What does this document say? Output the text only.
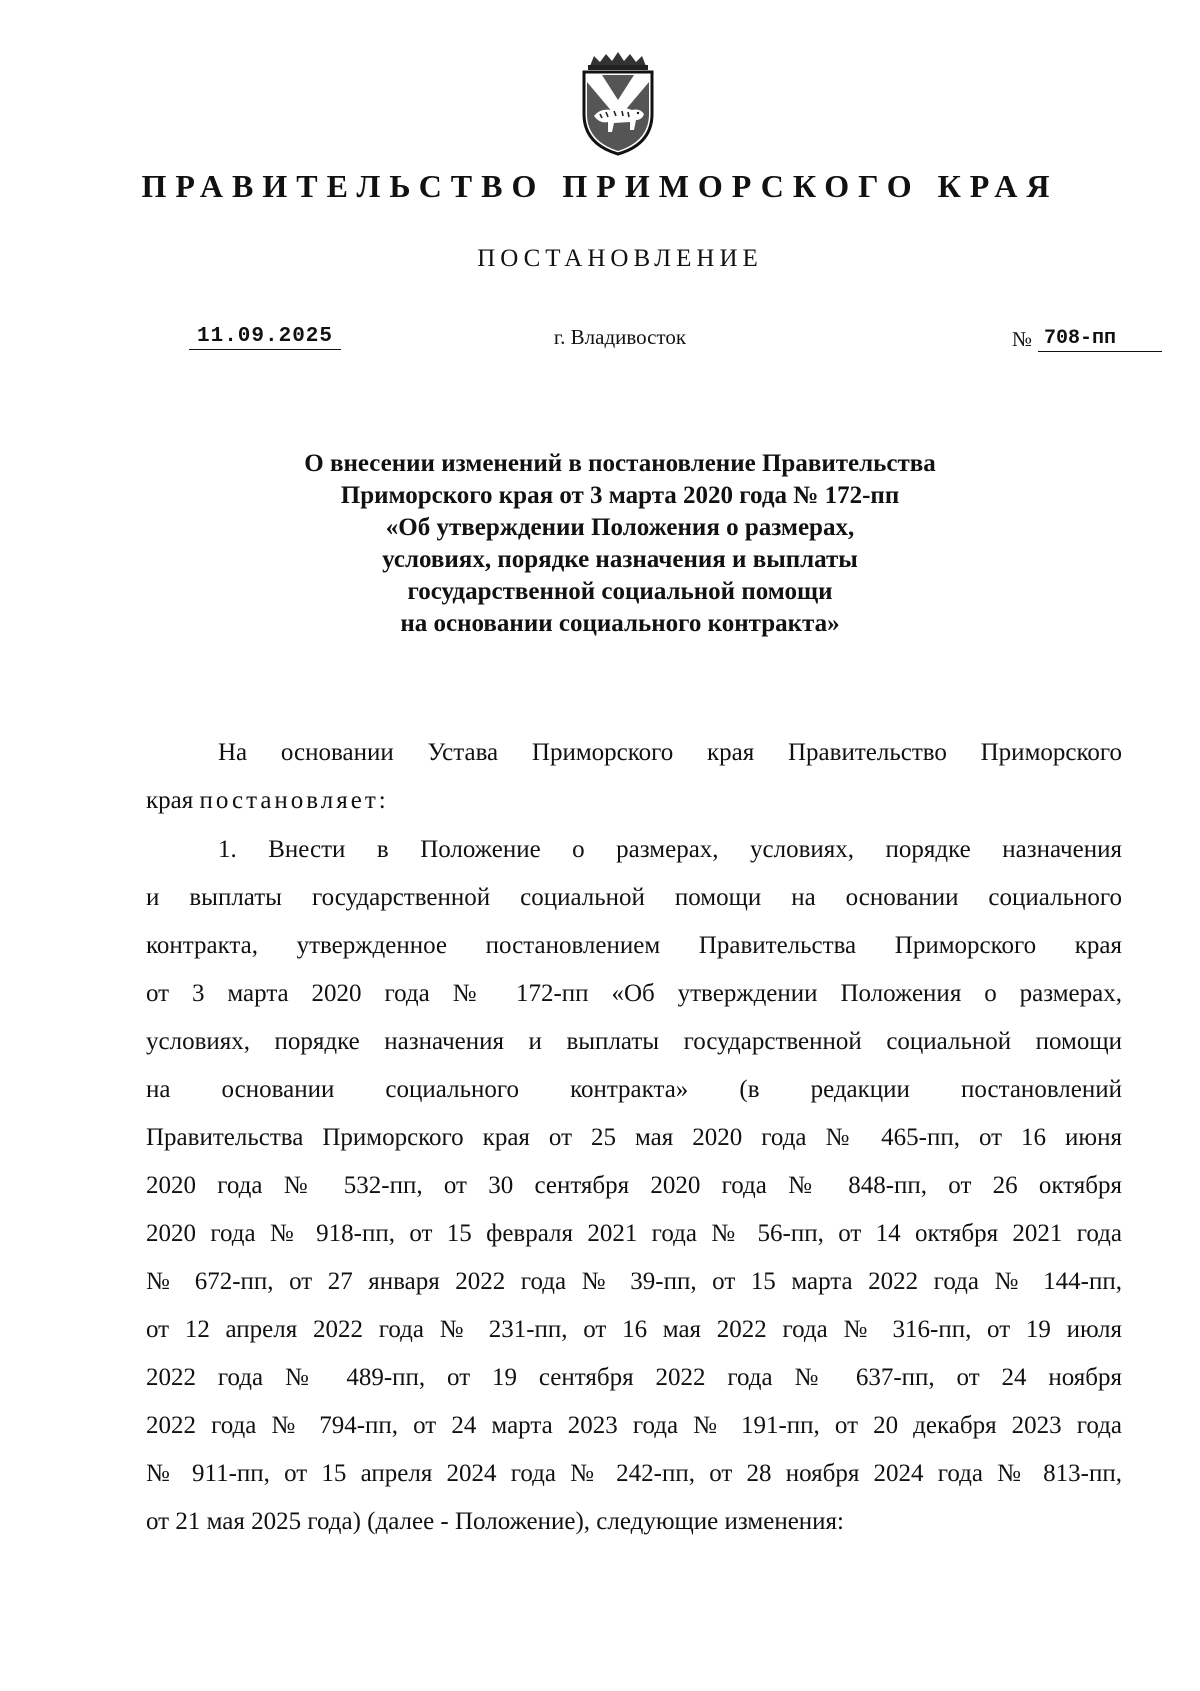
ПРАВИТЕЛЬСТВО ПРИМОРСКОГО КРАЯ
ПОСТАНОВЛЕНИЕ
11.09.2025	г. Владивосток	№ 708-пп
О внесении изменений в постановление Правительства
Приморского края от 3 марта 2020 года № 172-пп
«Об утверждении Положения о размерах,
условиях, порядке назначения и выплаты
государственной социальной помощи
на основании социального контракта»
На основании Устава Приморского края Правительство Приморского
края постановляет:
1. Внести в Положение о размерах, условиях, порядке назначения
и выплаты государственной социальной помощи на основании социального
контракта, утвержденное постановлением Правительства Приморского края
от 3 марта 2020 года № 172-пп «Об утверждении Положения о размерах,
условиях, порядке назначения и выплаты государственной социальной помощи
на основании социального контракта» (в редакции постановлений
Правительства Приморского края от 25 мая 2020 года № 465-пп, от 16 июня
2020 года № 532-пп, от 30 сентября 2020 года № 848-пп, от 26 октября
2020 года № 918-пп, от 15 февраля 2021 года № 56-пп, от 14 октября 2021 года
№ 672-пп, от 27 января 2022 года № 39-пп, от 15 марта 2022 года № 144-пп,
от 12 апреля 2022 года № 231-пп, от 16 мая 2022 года № 316-пп, от 19 июля
2022 года № 489-пп, от 19 сентября 2022 года № 637-пп, от 24 ноября
2022 года № 794-пп, от 24 марта 2023 года № 191-пп, от 20 декабря 2023 года
№ 911-пп, от 15 апреля 2024 года № 242-пп, от 28 ноября 2024 года № 813-пп,
от 21 мая 2025 года) (далее - Положение), следующие изменения:
